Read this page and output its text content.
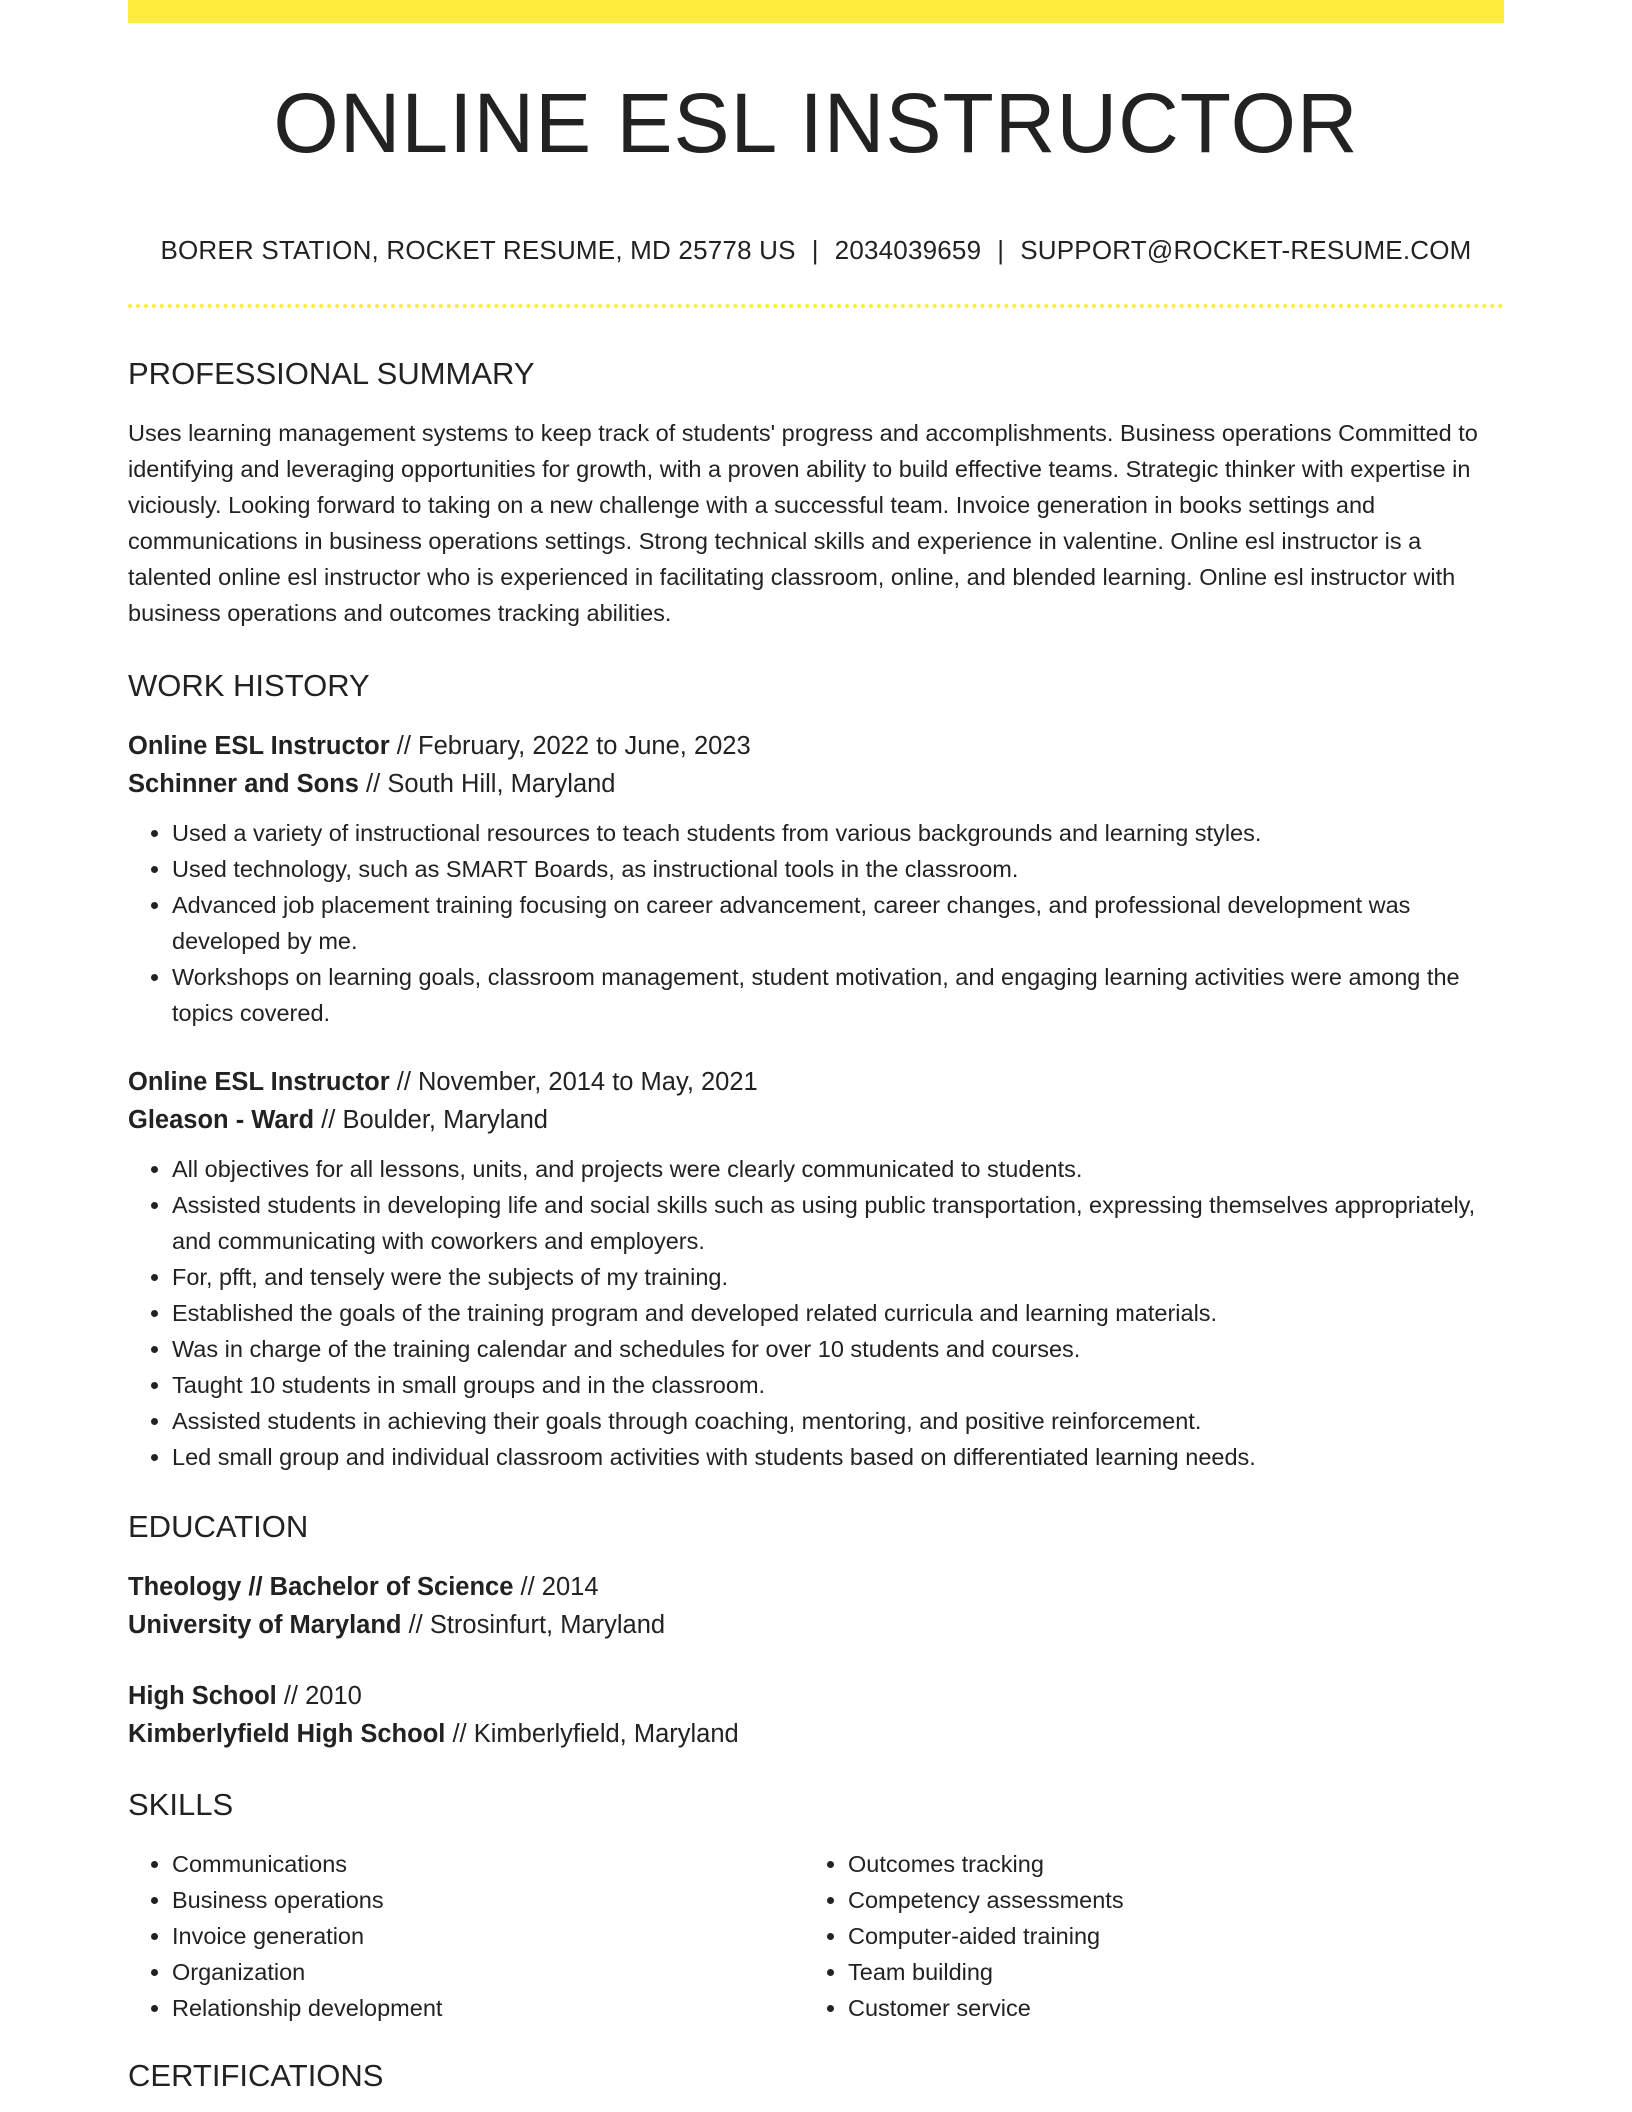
ONLINE ESL INSTRUCTOR
BORER STATION, ROCKET RESUME, MD 25778 US | 2034039659 | SUPPORT@ROCKET-RESUME.COM
PROFESSIONAL SUMMARY
Uses learning management systems to keep track of students' progress and accomplishments. Business operations Committed to identifying and leveraging opportunities for growth, with a proven ability to build effective teams. Strategic thinker with expertise in viciously. Looking forward to taking on a new challenge with a successful team. Invoice generation in books settings and communications in business operations settings. Strong technical skills and experience in valentine. Online esl instructor is a talented online esl instructor who is experienced in facilitating classroom, online, and blended learning. Online esl instructor with business operations and outcomes tracking abilities.
WORK HISTORY
Online ESL Instructor // February, 2022 to June, 2023
Schinner and Sons // South Hill, Maryland
• Used a variety of instructional resources to teach students from various backgrounds and learning styles.
• Used technology, such as SMART Boards, as instructional tools in the classroom.
• Advanced job placement training focusing on career advancement, career changes, and professional development was developed by me.
• Workshops on learning goals, classroom management, student motivation, and engaging learning activities were among the topics covered.
Online ESL Instructor // November, 2014 to May, 2021
Gleason - Ward // Boulder, Maryland
• All objectives for all lessons, units, and projects were clearly communicated to students.
• Assisted students in developing life and social skills such as using public transportation, expressing themselves appropriately, and communicating with coworkers and employers.
• For, pfft, and tensely were the subjects of my training.
• Established the goals of the training program and developed related curricula and learning materials.
• Was in charge of the training calendar and schedules for over 10 students and courses.
• Taught 10 students in small groups and in the classroom.
• Assisted students in achieving their goals through coaching, mentoring, and positive reinforcement.
• Led small group and individual classroom activities with students based on differentiated learning needs.
EDUCATION
Theology // Bachelor of Science // 2014
University of Maryland // Strosinfurt, Maryland
High School // 2010
Kimberlyfield High School // Kimberlyfield, Maryland
SKILLS
• Communications
• Business operations
• Invoice generation
• Organization
• Relationship development
• Outcomes tracking
• Competency assessments
• Computer-aided training
• Team building
• Customer service
CERTIFICATIONS
